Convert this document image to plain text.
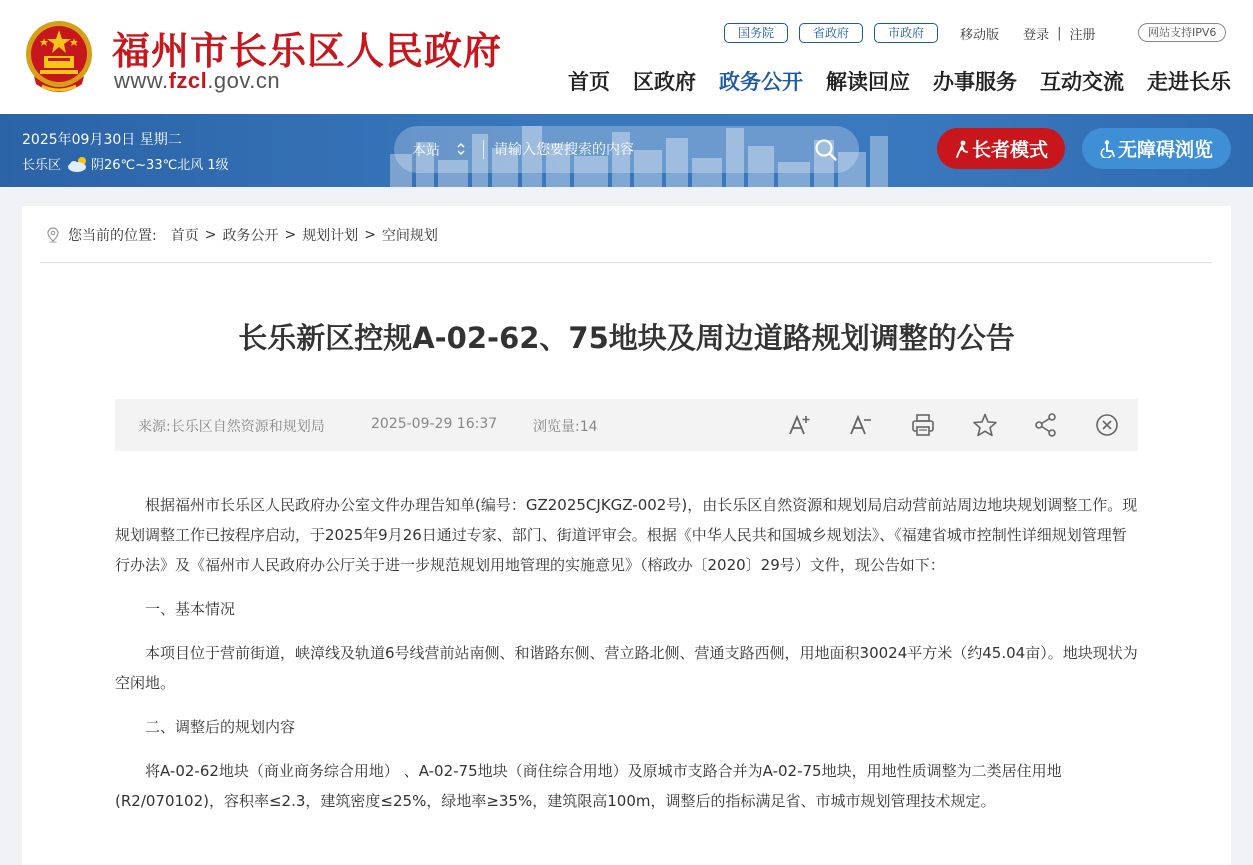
福州市长乐区人民政府
www.fzcl.gov.cn
国务院	省政府	市政府	移动版 登录 | 注册	网站支持IPV6
首页 区政府 政务公开 解读回应 办事服务 互动交流 走进长乐
2025年09月30日 星期二
长乐区 阴26℃~33℃北风 1级
本站
请输入您要搜索的内容	长者模式	无障碍浏览
您当前的位置: 首页 > 政务公开 > 规划计划 > 空间规划
长乐新区控规A-02-62、75地块及周边道路规划调整的公告
来源:长乐区自然资源和规划局	2025-09-29 16:37	浏览量:14

根据福州市长乐区人民政府办公室文件办理告知单(编号：GZ2025CJKGZ-002号)，由长乐区自然资源和规划局启动营前站周边地块规划调整工作。现规划调整工作已按程序启动，于2025年9月26日通过专家、部门、街道评审会。根据《中华人民共和国城乡规划法》、《福建省城市控制性详细规划管理暂行办法》及《福州市人民政府办公厅关于进一步规范规划用地管理的实施意见》（榕政办〔2020〕29号）文件，现公告如下：

一、基本情况

本项目位于营前街道，峡漳线及轨道6号线营前站南侧、和谐路东侧、营立路北侧、营通支路西侧，用地面积30024平方米（约45.04亩）。地块现状为空闲地。

二、调整后的规划内容

将A-02-62地块（商业商务综合用地） 、A-02-75地块（商住综合用地）及原城市支路合并为A-02-75地块，用地性质调整为二类居住用地(R2/070102)，容积率≤2.3，建筑密度≤25%，绿地率≥35%，建筑限高100m，调整后的指标满足省、市城市规划管理技术规定。
